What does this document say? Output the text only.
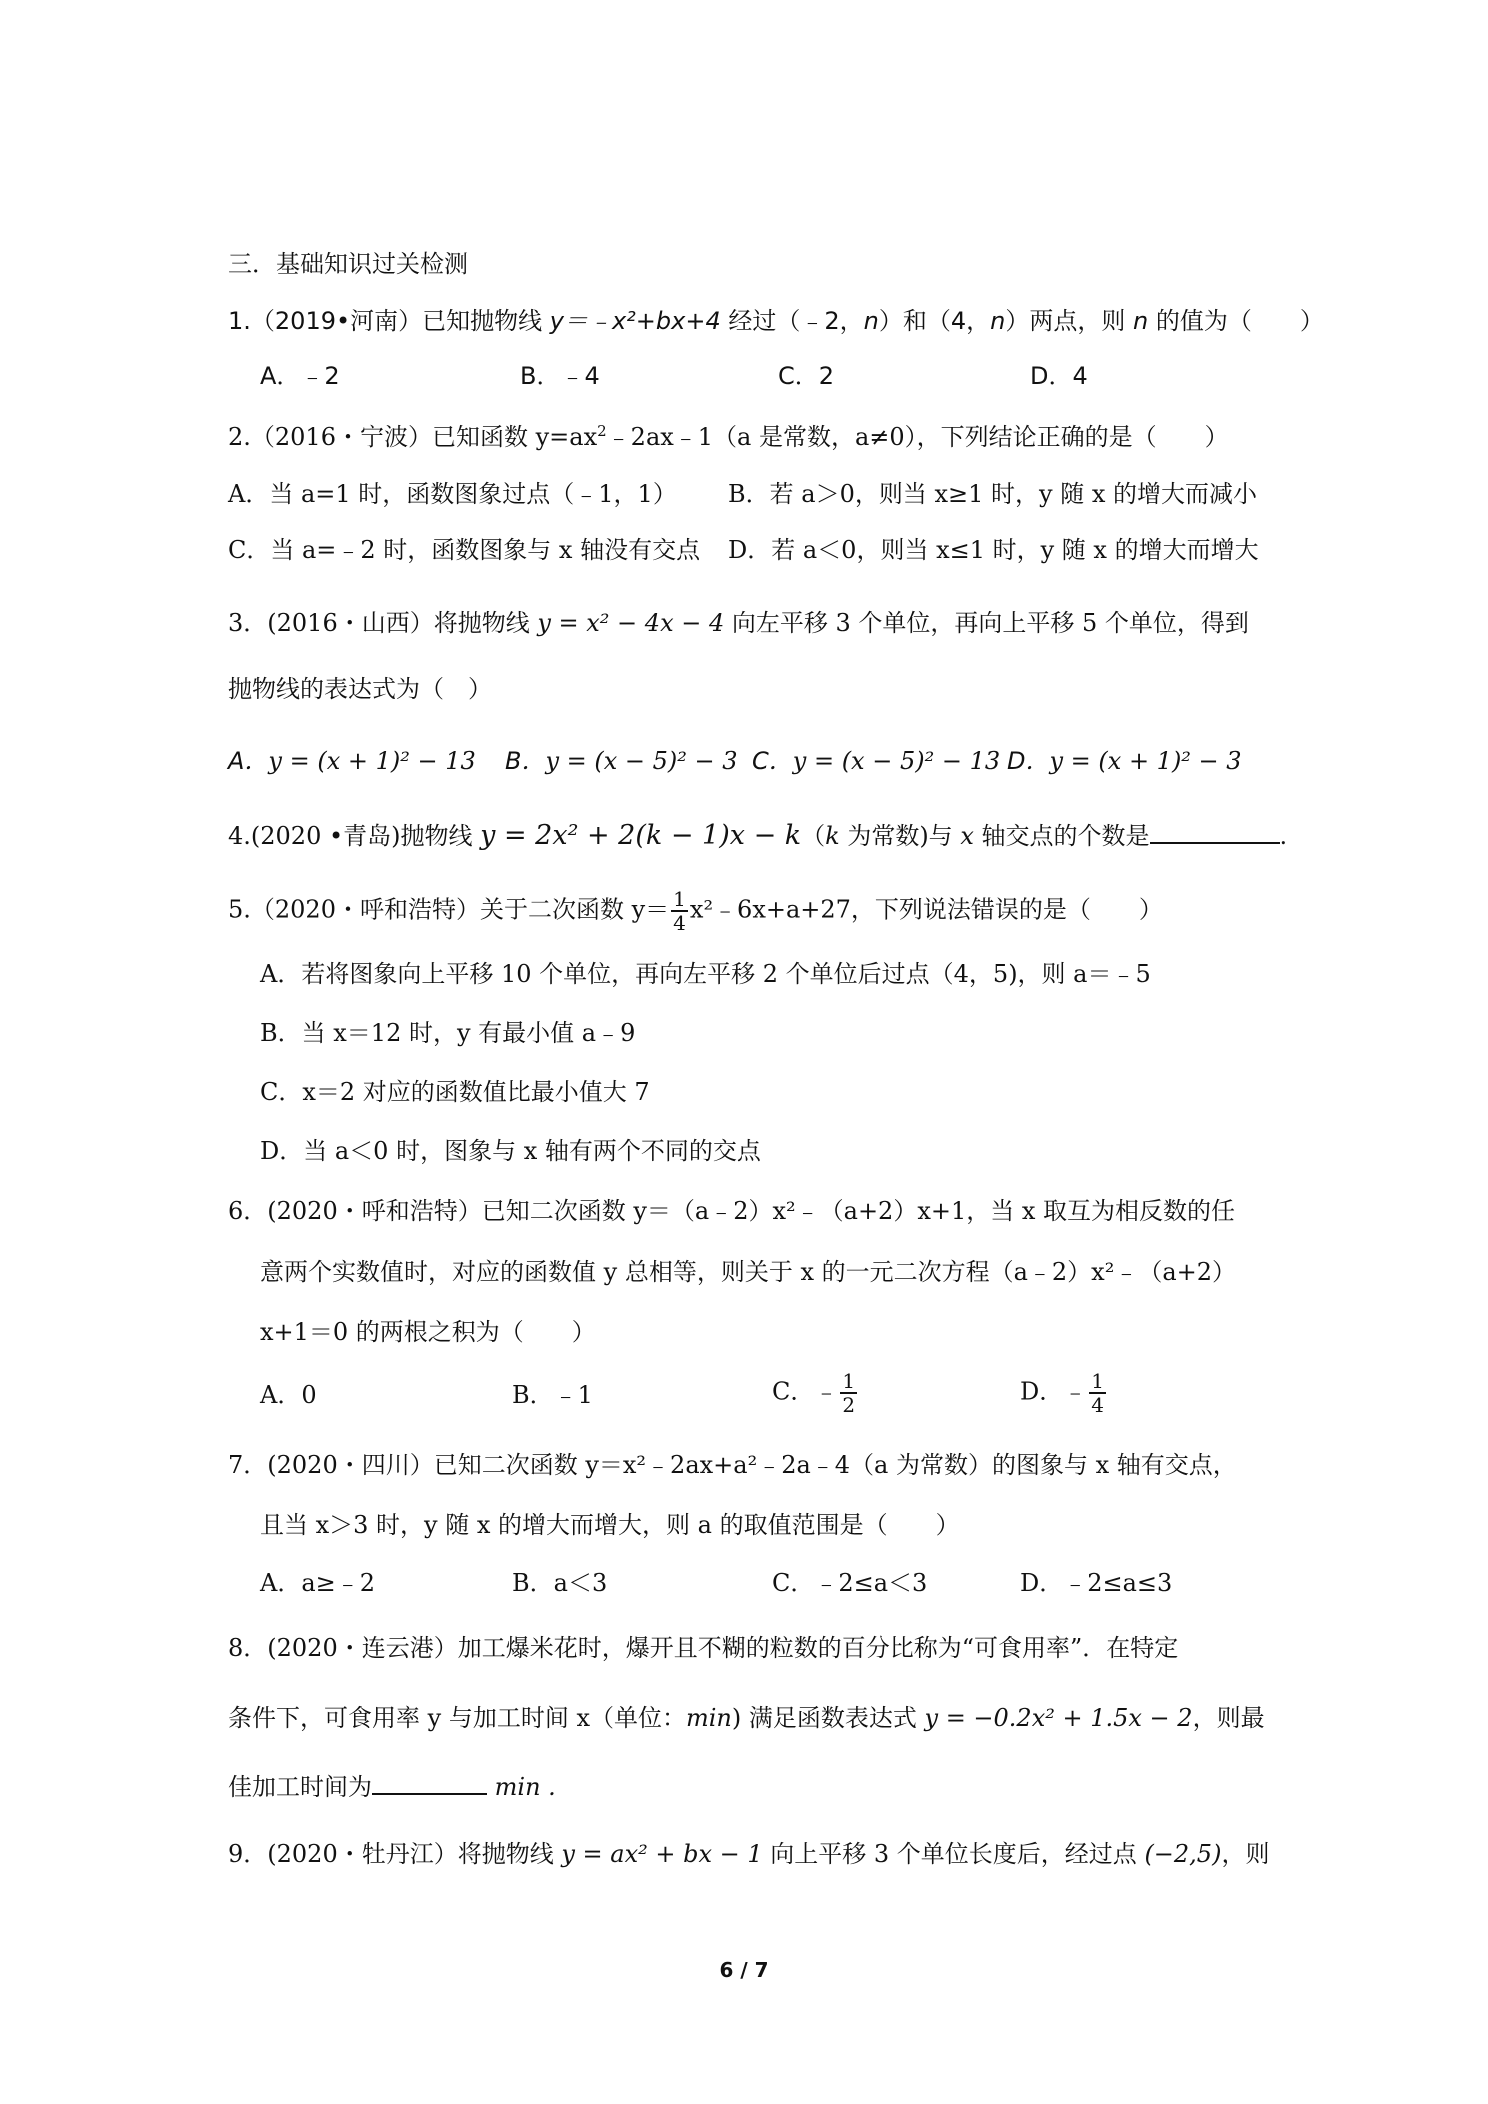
三．基础知识过关检测
1.（2019•河南）已知抛物线 y＝﹣x²+bx+4 经过（﹣2，n）和（4，n）两点，则 n 的值为（　　）
A．﹣2	B．﹣4	C．2	D．4
2.（2016・宁波）已知函数 $y=ax^2﹣2ax﹣1(a$ 是常数，a≠0），下列结论正确的是（　　）
A．当 a=1 时，函数图象过点（﹣1，1） B．若 a＞0，则当 x≥1 时，y 随 x 的增大而减小
C．当 a=﹣2 时，函数图象与 x 轴没有交点 D．若 a＜0，则当 x≤1 时，y 随 x 的增大而增大
3．(2016・山西）将抛物线 y = x² − 4x − 4 向左平移 3 个单位，再向上平移 5 个单位，得到
抛物线的表达式为（　）
A．y = (x + 1)² − 13 B．y = (x − 5)² − 3 C．y = (x − 5)² − 13 D．y = (x + 1)² − 3
4.(2020 •青岛)抛物线 y = 2x² + 2(k − 1)x − k（k 为常数)与 x 轴交点的个数是	.
5.（2020・呼和浩特）关于二次函数 $y= \frac{1}{4}$ x²﹣6x+a+27，下列说法错误的是（　　）
A．若将图象向上平移 10 个单位，再向左平移 2 个单位后过点（4，5)，则 a＝﹣5
B．当 x＝12 时，y 有最小值 a﹣9
C．x＝2 对应的函数值比最小值大 7
D．当 a＜0 时，图象与 x 轴有两个不同的交点
6．(2020・呼和浩特）已知二次函数 y＝（a﹣2）x²﹣（a+2）x+1，当 x 取互为相反数的任
意两个实数值时，对应的函数值 y 总相等，则关于 x 的一元二次方程（a﹣2）x²﹣（a+2）
x+1＝0 的两根之积为（　　）
A．0	B．﹣1	C．﹣ $\frac{1}{2}$	D．﹣ $\frac{1}{4}$
7．(2020・四川）已知二次函数 y＝x²﹣2ax+a²﹣2a﹣4（a 为常数）的图象与 x 轴有交点，
且当 x＞3 时，y 随 x 的增大而增大，则 a 的取值范围是（　　）
A．a≥﹣2	B．a＜3	C．﹣2≤a＜3	D．﹣2≤a≤3
8．(2020・连云港）加工爆米花时，爆开且不糊的粒数的百分比称为“可食用率”．在特定
条件下，可食用率 y 与加工时间 x（单位：min) 满足函数表达式 y = −0.2x² + 1.5x − 2，则最
佳加工时间为	min .
9．(2020・牡丹江）将抛物线 y = ax² + bx − 1 向上平移 3 个单位长度后，经过点 (−2,5)，则
6 / 7
